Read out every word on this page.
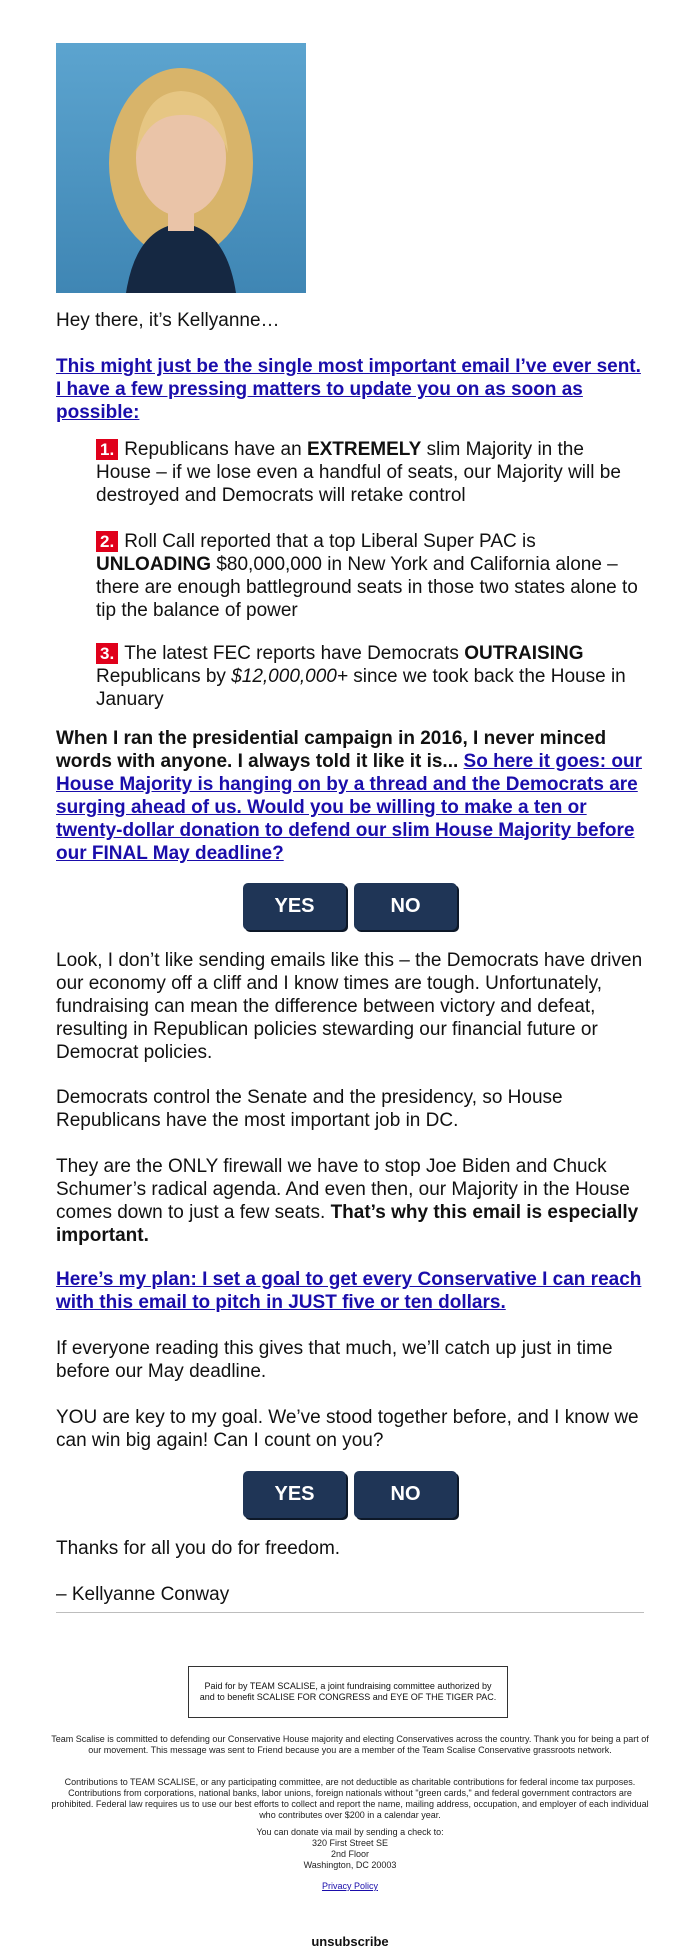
Hey there, it’s Kellyanne…

This might just be the single most important email I’ve ever sent. I have a few pressing matters to update you on as soon as possible:

1. Republicans have an EXTREMELY slim Majority in the House – if we lose even a handful of seats, our Majority will be destroyed and Democrats will retake control

2. Roll Call reported that a top Liberal Super PAC is UNLOADING $80,000,000 in New York and California alone – there are enough battleground seats in those two states alone to tip the balance of power

3. The latest FEC reports have Democrats OUTRAISING Republicans by $12,000,000+ since we took back the House in January

When I ran the presidential campaign in 2016, I never minced words with anyone. I always told it like it is... So here it goes: our House Majority is hanging on by a thread and the Democrats are surging ahead of us. Would you be willing to make a ten or twenty-dollar donation to defend our slim House Majority before our FINAL May deadline?

YES	NO

Look, I don’t like sending emails like this – the Democrats have driven our economy off a cliff and I know times are tough. Unfortunately, fundraising can mean the difference between victory and defeat, resulting in Republican policies stewarding our financial future or Democrat policies.

Democrats control the Senate and the presidency, so House Republicans have the most important job in DC.

They are the ONLY firewall we have to stop Joe Biden and Chuck Schumer’s radical agenda. And even then, our Majority in the House comes down to just a few seats. That’s why this email is especially important.

Here’s my plan: I set a goal to get every Conservative I can reach with this email to pitch in JUST five or ten dollars.

If everyone reading this gives that much, we’ll catch up just in time before our May deadline.

YOU are key to my goal. We’ve stood together before, and I know we can win big again! Can I count on you?

YES	NO

Thanks for all you do for freedom.

– Kellyanne Conway

Paid for by TEAM SCALISE, a joint fundraising committee authorized by and to benefit SCALISE FOR CONGRESS and EYE OF THE TIGER PAC.

Team Scalise is committed to defending our Conservative House majority and electing Conservatives across the country. Thank you for being a part of our movement. This message was sent to Friend because you are a member of the Team Scalise Conservative grassroots network.

Contributions to TEAM SCALISE, or any participating committee, are not deductible as charitable contributions for federal income tax purposes. Contributions from corporations, national banks, labor unions, foreign nationals without "green cards," and federal government contractors are prohibited. Federal law requires us to use our best efforts to collect and report the name, mailing address, occupation, and employer of each individual who contributes over $200 in a calendar year.

You can donate via mail by sending a check to:
320 First Street SE
2nd Floor
Washington, DC 20003

Privacy Policy

unsubscribe
